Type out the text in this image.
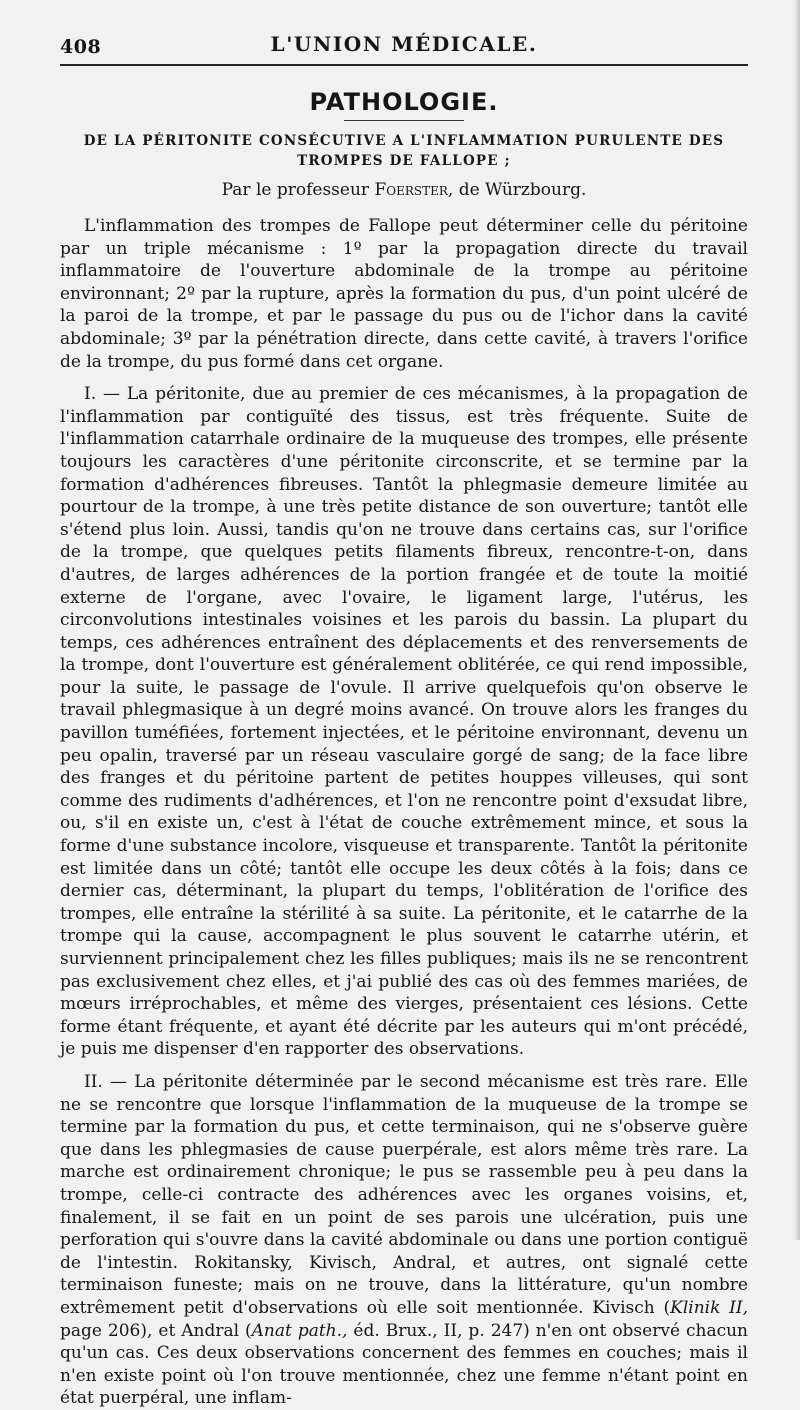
408	L'UNION MÉDICALE.
PATHOLOGIE.
DE LA PÉRITONITE CONSÉCUTIVE A L'INFLAMMATION PURULENTE DES TROMPES DE FALLOPE ;

Par le professeur Foerster, de Würzbourg.

L'inflammation des trompes de Fallope peut déterminer celle du péritoine par un triple mécanisme : 1º par la propagation directe du travail inflammatoire de l'ouverture abdominale de la trompe au péritoine environnant; 2º par la rupture, après la formation du pus, d'un point ulcéré de la paroi de la trompe, et par le passage du pus ou de l'ichor dans la cavité abdominale; 3º par la pénétration directe, dans cette cavité, à travers l'orifice de la trompe, du pus formé dans cet organe.

I. — La péritonite, due au premier de ces mécanismes, à la propagation de l'inflammation par contiguïté des tissus, est très fréquente. Suite de l'inflammation catarrhale ordinaire de la muqueuse des trompes, elle présente toujours les caractères d'une péritonite circonscrite, et se termine par la formation d'adhérences fibreuses. Tantôt la phlegmasie demeure limitée au pourtour de la trompe, à une très petite distance de son ouverture; tantôt elle s'étend plus loin. Aussi, tandis qu'on ne trouve dans certains cas, sur l'orifice de la trompe, que quelques petits filaments fibreux, rencontre-t-on, dans d'autres, de larges adhérences de la portion frangée et de toute la moitié externe de l'organe, avec l'ovaire, le ligament large, l'utérus, les circonvolutions intestinales voisines et les parois du bassin. La plupart du temps, ces adhérences entraînent des déplacements et des renversements de la trompe, dont l'ouverture est généralement oblitérée, ce qui rend impossible, pour la suite, le passage de l'ovule. Il arrive quelquefois qu'on observe le travail phlegmasique à un degré moins avancé. On trouve alors les franges du pavillon tuméfiées, fortement injectées, et le péritoine environnant, devenu un peu opalin, traversé par un réseau vasculaire gorgé de sang; de la face libre des franges et du péritoine partent de petites houppes villeuses, qui sont comme des rudiments d'adhérences, et l'on ne rencontre point d'exsudat libre, ou, s'il en existe un, c'est à l'état de couche extrêmement mince, et sous la forme d'une substance incolore, visqueuse et transparente. Tantôt la péritonite est limitée dans un côté; tantôt elle occupe les deux côtés à la fois; dans ce dernier cas, déterminant, la plupart du temps, l'oblitération de l'orifice des trompes, elle entraîne la stérilité à sa suite. La péritonite, et le catarrhe de la trompe qui la cause, accompagnent le plus souvent le catarrhe utérin, et surviennent principalement chez les filles publiques; mais ils ne se rencontrent pas exclusivement chez elles, et j'ai publié des cas où des femmes mariées, de mœurs irréprochables, et même des vierges, présentaient ces lésions. Cette forme étant fréquente, et ayant été décrite par les auteurs qui m'ont précédé, je puis me dispenser d'en rapporter des observations.

II. — La péritonite déterminée par le second mécanisme est très rare. Elle ne se rencontre que lorsque l'inflammation de la muqueuse de la trompe se termine par la formation du pus, et cette terminaison, qui ne s'observe guère que dans les phlegmasies de cause puerpérale, est alors même très rare. La marche est ordinairement chronique; le pus se rassemble peu à peu dans la trompe, celle-ci contracte des adhérences avec les organes voisins, et, finalement, il se fait en un point de ses parois une ulcération, puis une perforation qui s'ouvre dans la cavité abdominale ou dans une portion contiguë de l'intestin. Rokitansky, Kivisch, Andral, et autres, ont signalé cette terminaison funeste; mais on ne trouve, dans la littérature, qu'un nombre extrêmement petit d'observations où elle soit mentionnée. Kivisch (Klinik II, page 206), et Andral (Anat path., éd. Brux., II, p. 247) n'en ont observé chacun qu'un cas. Ces deux observations concernent des femmes en couches; mais il n'en existe point où l'on trouve mentionnée, chez une femme n'étant point en état puerpéral, une inflam-
